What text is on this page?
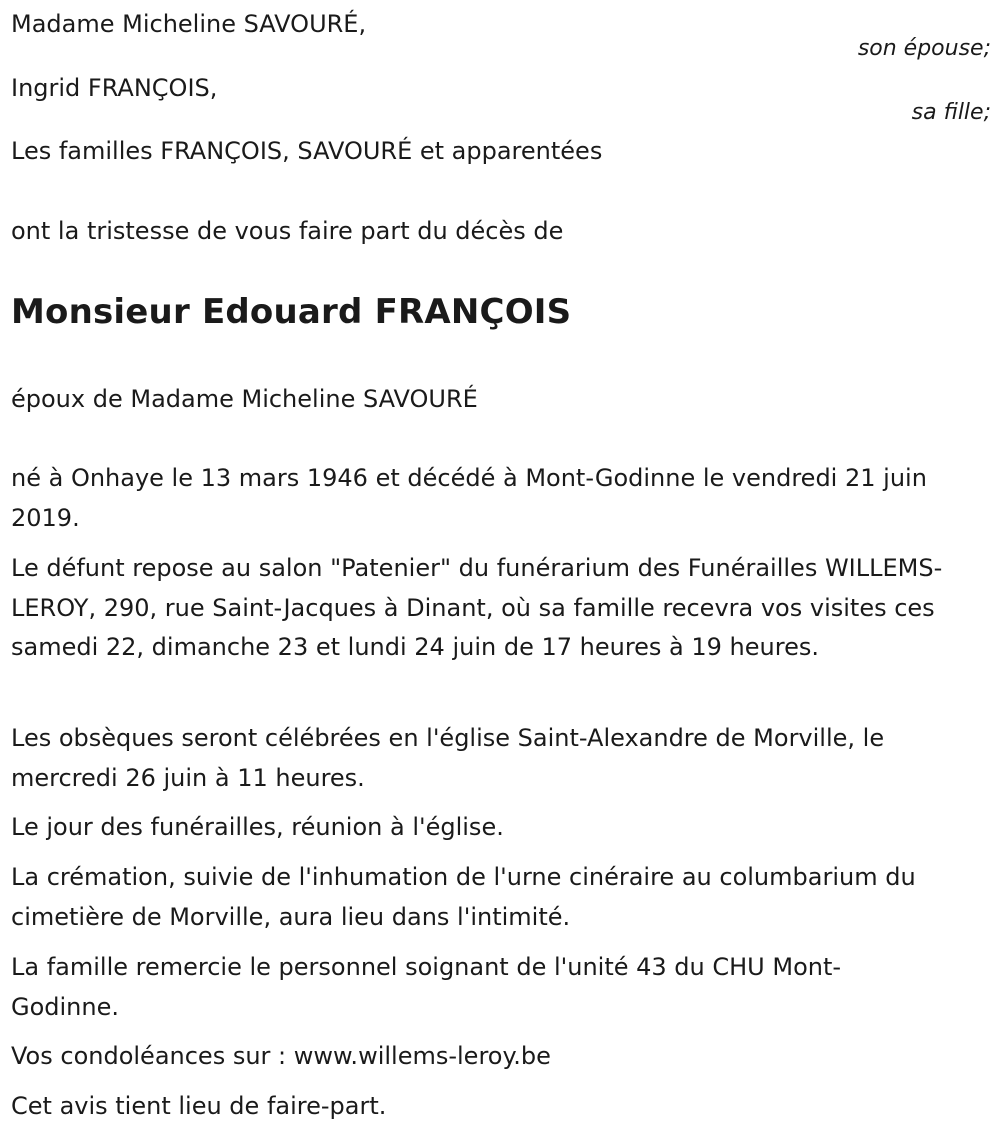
Madame Micheline SAVOURÉ,

son épouse;

Ingrid FRANÇOIS,

sa fille;

Les familles FRANÇOIS, SAVOURÉ et apparentées

ont la tristesse de vous faire part du décès de

Monsieur Edouard FRANÇOIS

époux de Madame Micheline SAVOURÉ

né à Onhaye le 13 mars 1946 et décédé à Mont-Godinne le vendredi 21 juin 2019.

Le défunt repose au salon "Patenier" du funérarium des Funérailles WILLEMS-LEROY, 290, rue Saint-Jacques à Dinant, où sa famille recevra vos visites ces samedi 22, dimanche 23 et lundi 24 juin de 17 heures à 19 heures.

Les obsèques seront célébrées en l'église Saint-Alexandre de Morville, le mercredi 26 juin à 11 heures.

Le jour des funérailles, réunion à l'église.

La crémation, suivie de l'inhumation de l'urne cinéraire au columbarium du cimetière de Morville, aura lieu dans l'intimité.

La famille remercie le personnel soignant de l'unité 43 du CHU Mont-Godinne.

Vos condoléances sur : www.willems-leroy.be

Cet avis tient lieu de faire-part.
